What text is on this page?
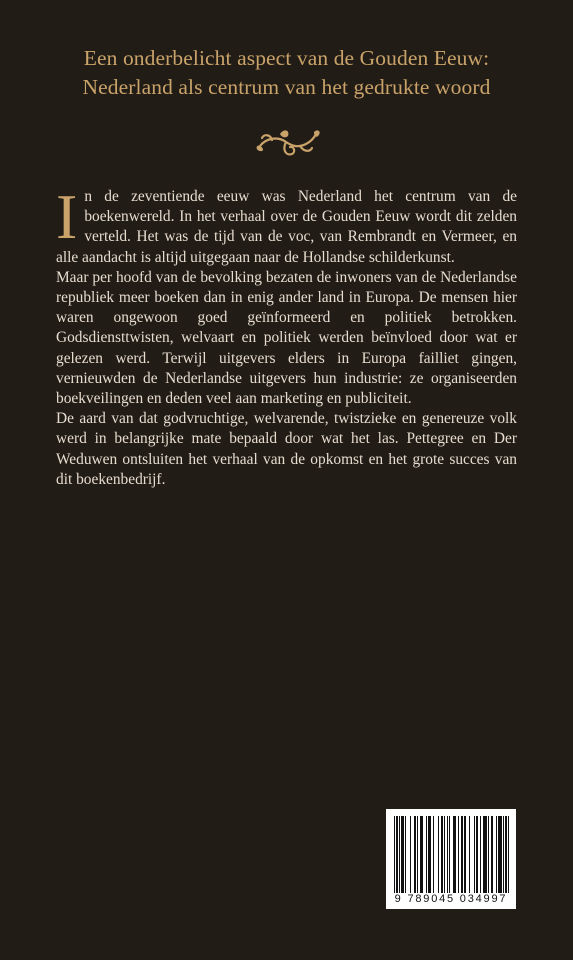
Een onderbelicht aspect van de Gouden Eeuw:
Nederland als centrum van het gedrukte woord

In de zeventiende eeuw was Nederland het centrum van de boekenwereld. In het verhaal over de Gouden Eeuw wordt dit zelden verteld. Het was de tijd van de voc, van Rembrandt en Vermeer, en alle aandacht is altijd uitgegaan naar de Hollandse schilderkunst.

Maar per hoofd van de bevolking bezaten de inwoners van de Nederlandse republiek meer boeken dan in enig ander land in Europa. De mensen hier waren ongewoon goed geïnformeerd en politiek betrokken. Godsdiensttwisten, welvaart en politiek werden beïnvloed door wat er gelezen werd. Terwijl uitgevers elders in Europa failliet gingen, vernieuwden de Nederlandse uitgevers hun industrie: ze organiseerden boekveilingen en deden veel aan marketing en publiciteit.

De aard van dat godvruchtige, welvarende, twistzieke en genereuze volk werd in belangrijke mate bepaald door wat het las. Pettegree en Der Weduwen ontsluiten het verhaal van de opkomst en het grote succes van dit boekenbedrijf.

9 789045 034997
